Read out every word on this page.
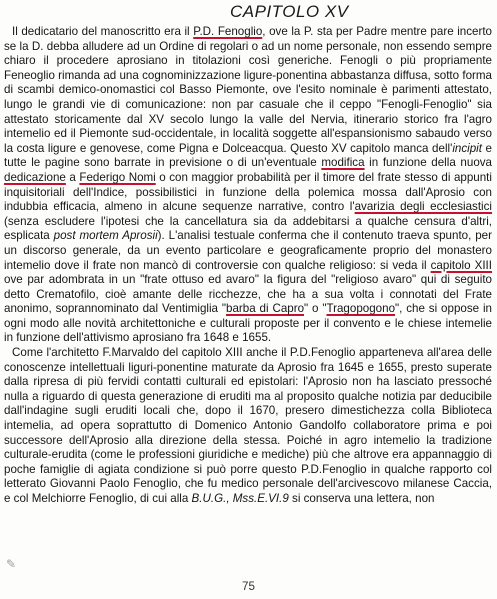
CAPITOLO XV

Il dedicatario del manoscritto era il P.D. Fenoglio, ove la P. sta per Padre mentre pare incerto se la D. debba alludere ad un Ordine di regolari o ad un nome personale, non essendo sempre chiaro il procedere aprosiano in titolazioni così generiche. Fenogli o più propriamente Feneoglio rimanda ad una cognominizzazione ligure-ponentina abbastanza diffusa, sotto forma di scambi demico-onomastici col Basso Piemonte, ove l'esito nominale è parimenti attestato, lungo le grandi vie di comunicazione: non par casuale che il ceppo "Fenogli-Fenoglio" sia attestato storicamente dal XV secolo lungo la valle del Nervia, itinerario storico fra l'agro intemelio ed il Piemonte sud-occidentale, in località soggette all'espansionismo sabaudo verso la costa ligure e genovese, come Pigna e Dolceacqua. Questo XV capitolo manca dell'incipit e tutte le pagine sono barrate in previsione o di un'eventuale modifica in funzione della nuova dedicazione a Federigo Nomi o con maggior probabilità per il timore del frate stesso di appunti inquisitoriali dell'Indice, possibilistici in funzione della polemica mossa dall'Aprosio con indubbia efficacia, almeno in alcune sequenze narrative, contro l'avarizia degli ecclesiastici (senza escludere l'ipotesi che la cancellatura sia da addebitarsi a qualche censura d'altri, esplicata post mortem Aprosii). L'analisi testuale conferma che il contenuto traeva spunto, per un discorso generale, da un evento particolare e geograficamente proprio del monastero intemelio dove il frate non mancò di controversie con qualche religioso: si veda il capitolo XIII ove par adombrata in un "frate ottuso ed avaro" la figura del "religioso avaro" qui di seguito detto Crematofilo, cioè amante delle ricchezze, che ha a sua volta i connotati del Frate anonimo, soprannominato dal Ventimiglia "barba di Capro" o "Tragopogono", che si oppose in ogni modo alle novità architettoniche e culturali proposte per il convento e le chiese intemelie in funzione dell'attivismo aprosiano fra 1648 e 1655.

Come l'architetto F.Marvaldo del capitolo XIII anche il P.D.Fenoglio apparteneva all'area delle conoscenze intellettuali liguri-ponentine maturate da Aprosio fra 1645 e 1655, presto superate dalla ripresa di più fervidi contatti culturali ed epistolari: l'Aprosio non ha lasciato pressoché nulla a riguardo di questa generazione di eruditi ma al proposito qualche notizia par deducibile dall'indagine sugli eruditi locali che, dopo il 1670, presero dimestichezza colla Biblioteca intemelia, ad opera soprattutto di Domenico Antonio Gandolfo collaboratore prima e poi successore dell'Aprosio alla direzione della stessa. Poiché in agro intemelio la tradizione culturale-erudita (come le professioni giuridiche e mediche) più che altrove era appannaggio di poche famiglie di agiata condizione si può porre questo P.D.Fenoglio in qualche rapporto col letterato Giovanni Paolo Fenoglio, che fu medico personale dell'arcivescovo milanese Caccia, e col Melchiorre Fenoglio, di cui alla B.U.G., Mss.E.VI.9 si conserva una lettera, non

✎
75
